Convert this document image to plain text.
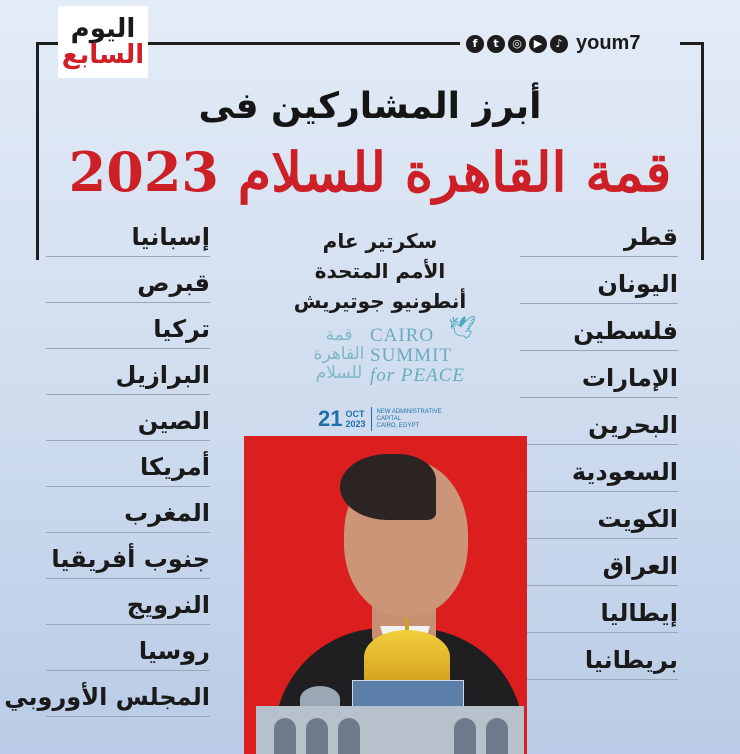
اليوم
السابع	f	t	◎	▶	♪ youm7
أبرز المشاركين فى
قمة القاهرة للسلام 2023
قطر
اليونان
فلسطين
الإمارات
البحرين
السعودية
الكويت
العراق
إيطاليا
بريطانيا
إسبانيا
قبرص
تركيا
البرازيل
الصين
أمريكا
المغرب
جنوب أفريقيا
النرويج
روسيا
المجلس الأوروبي
سكرتير عام
الأمم المتحدة
أنطونيو جوتيريش
🕊
قمة
القاهرة
للسلام
CAIRO
SUMMIT
for PEACE
21 OCT
2023
NEW ADMINISTRATIVE
CAPITAL
CAIRO, EGYPT
